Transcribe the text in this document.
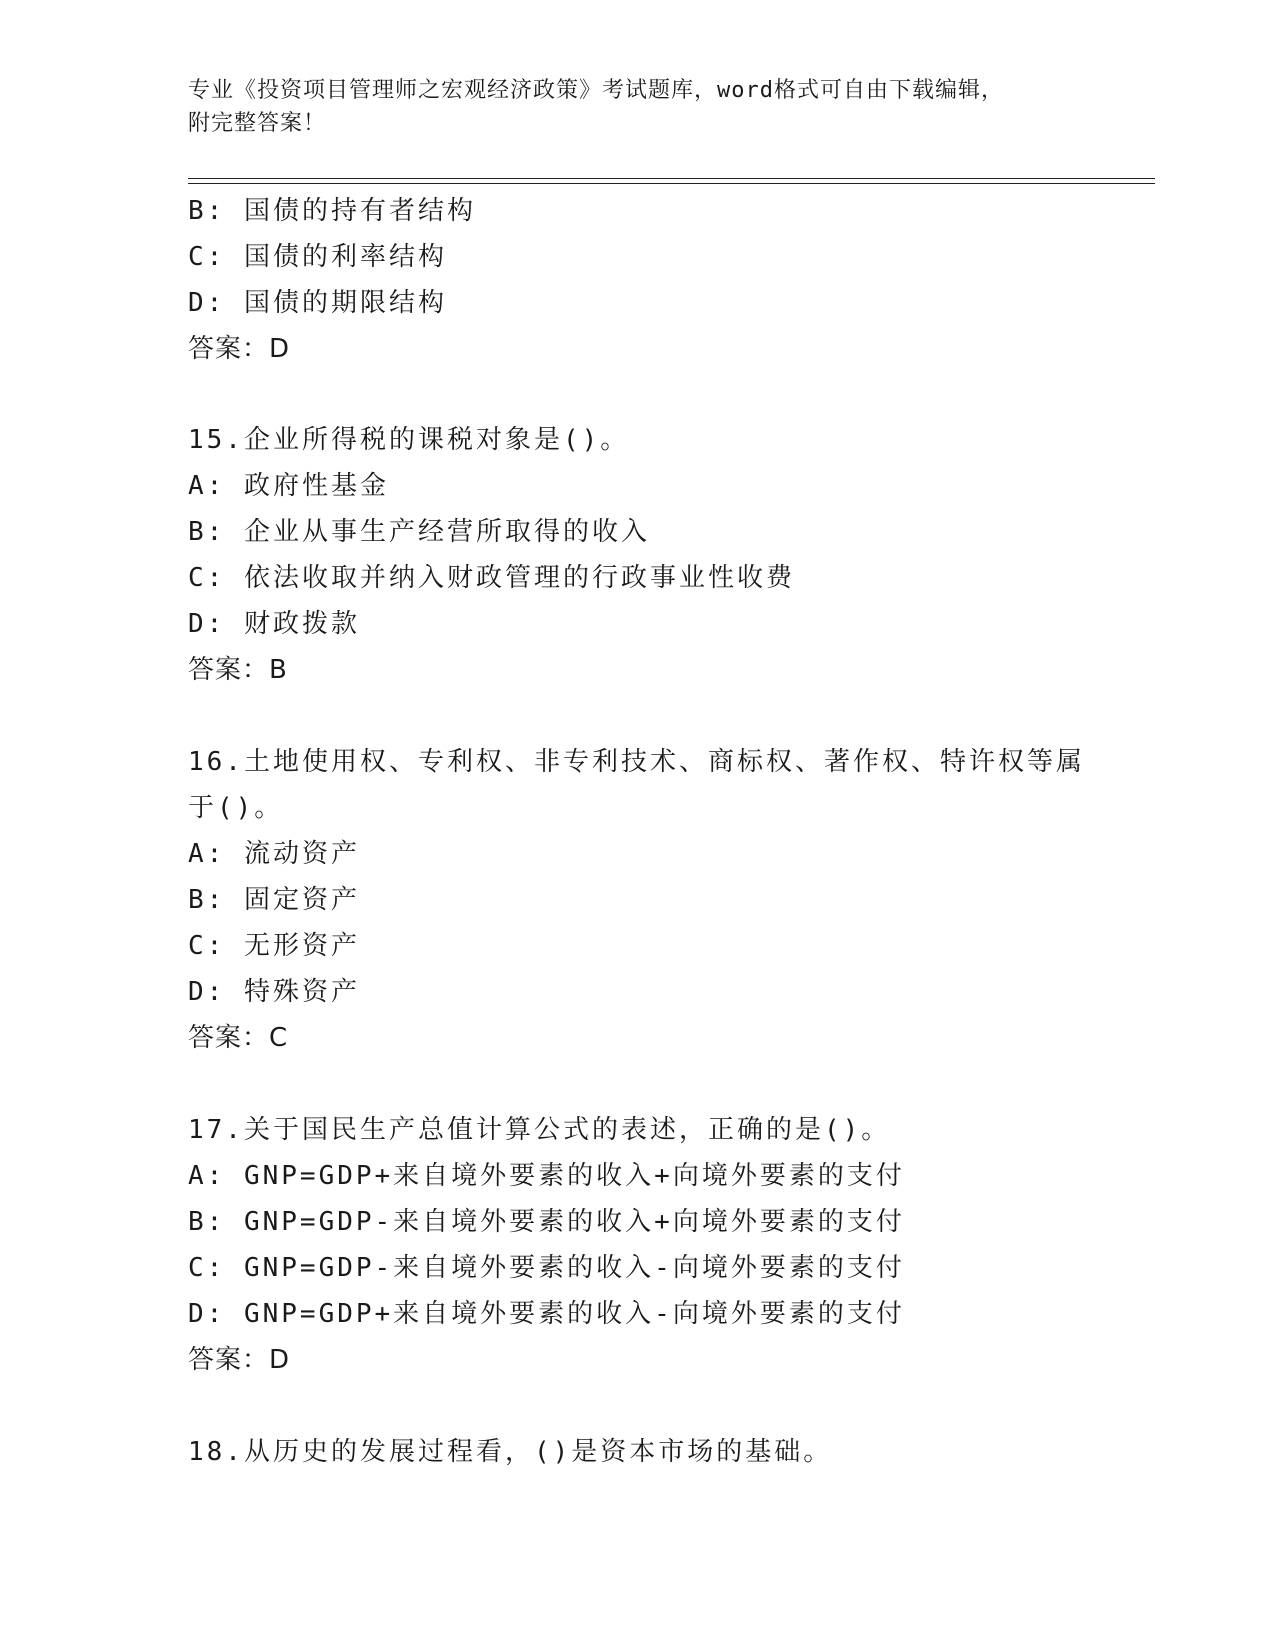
专业《投资项目管理师之宏观经济政策》考试题库，word格式可自由下载编辑，
附完整答案！
B: 国债的持有者结构
C: 国债的利率结构
D: 国债的期限结构
答案：D
15.企业所得税的课税对象是()。
A: 政府性基金
B: 企业从事生产经营所取得的收入
C: 依法收取并纳入财政管理的行政事业性收费
D: 财政拨款
答案：B
16.土地使用权、专利权、非专利技术、商标权、著作权、特许权等属
于()。
A: 流动资产
B: 固定资产
C: 无形资产
D: 特殊资产
答案：C
17.关于国民生产总值计算公式的表述，正确的是()。
A: GNP=GDP+来自境外要素的收入+向境外要素的支付
B: GNP=GDP-来自境外要素的收入+向境外要素的支付
C: GNP=GDP-来自境外要素的收入-向境外要素的支付
D: GNP=GDP+来自境外要素的收入-向境外要素的支付
答案：D
18.从历史的发展过程看，()是资本市场的基础。
